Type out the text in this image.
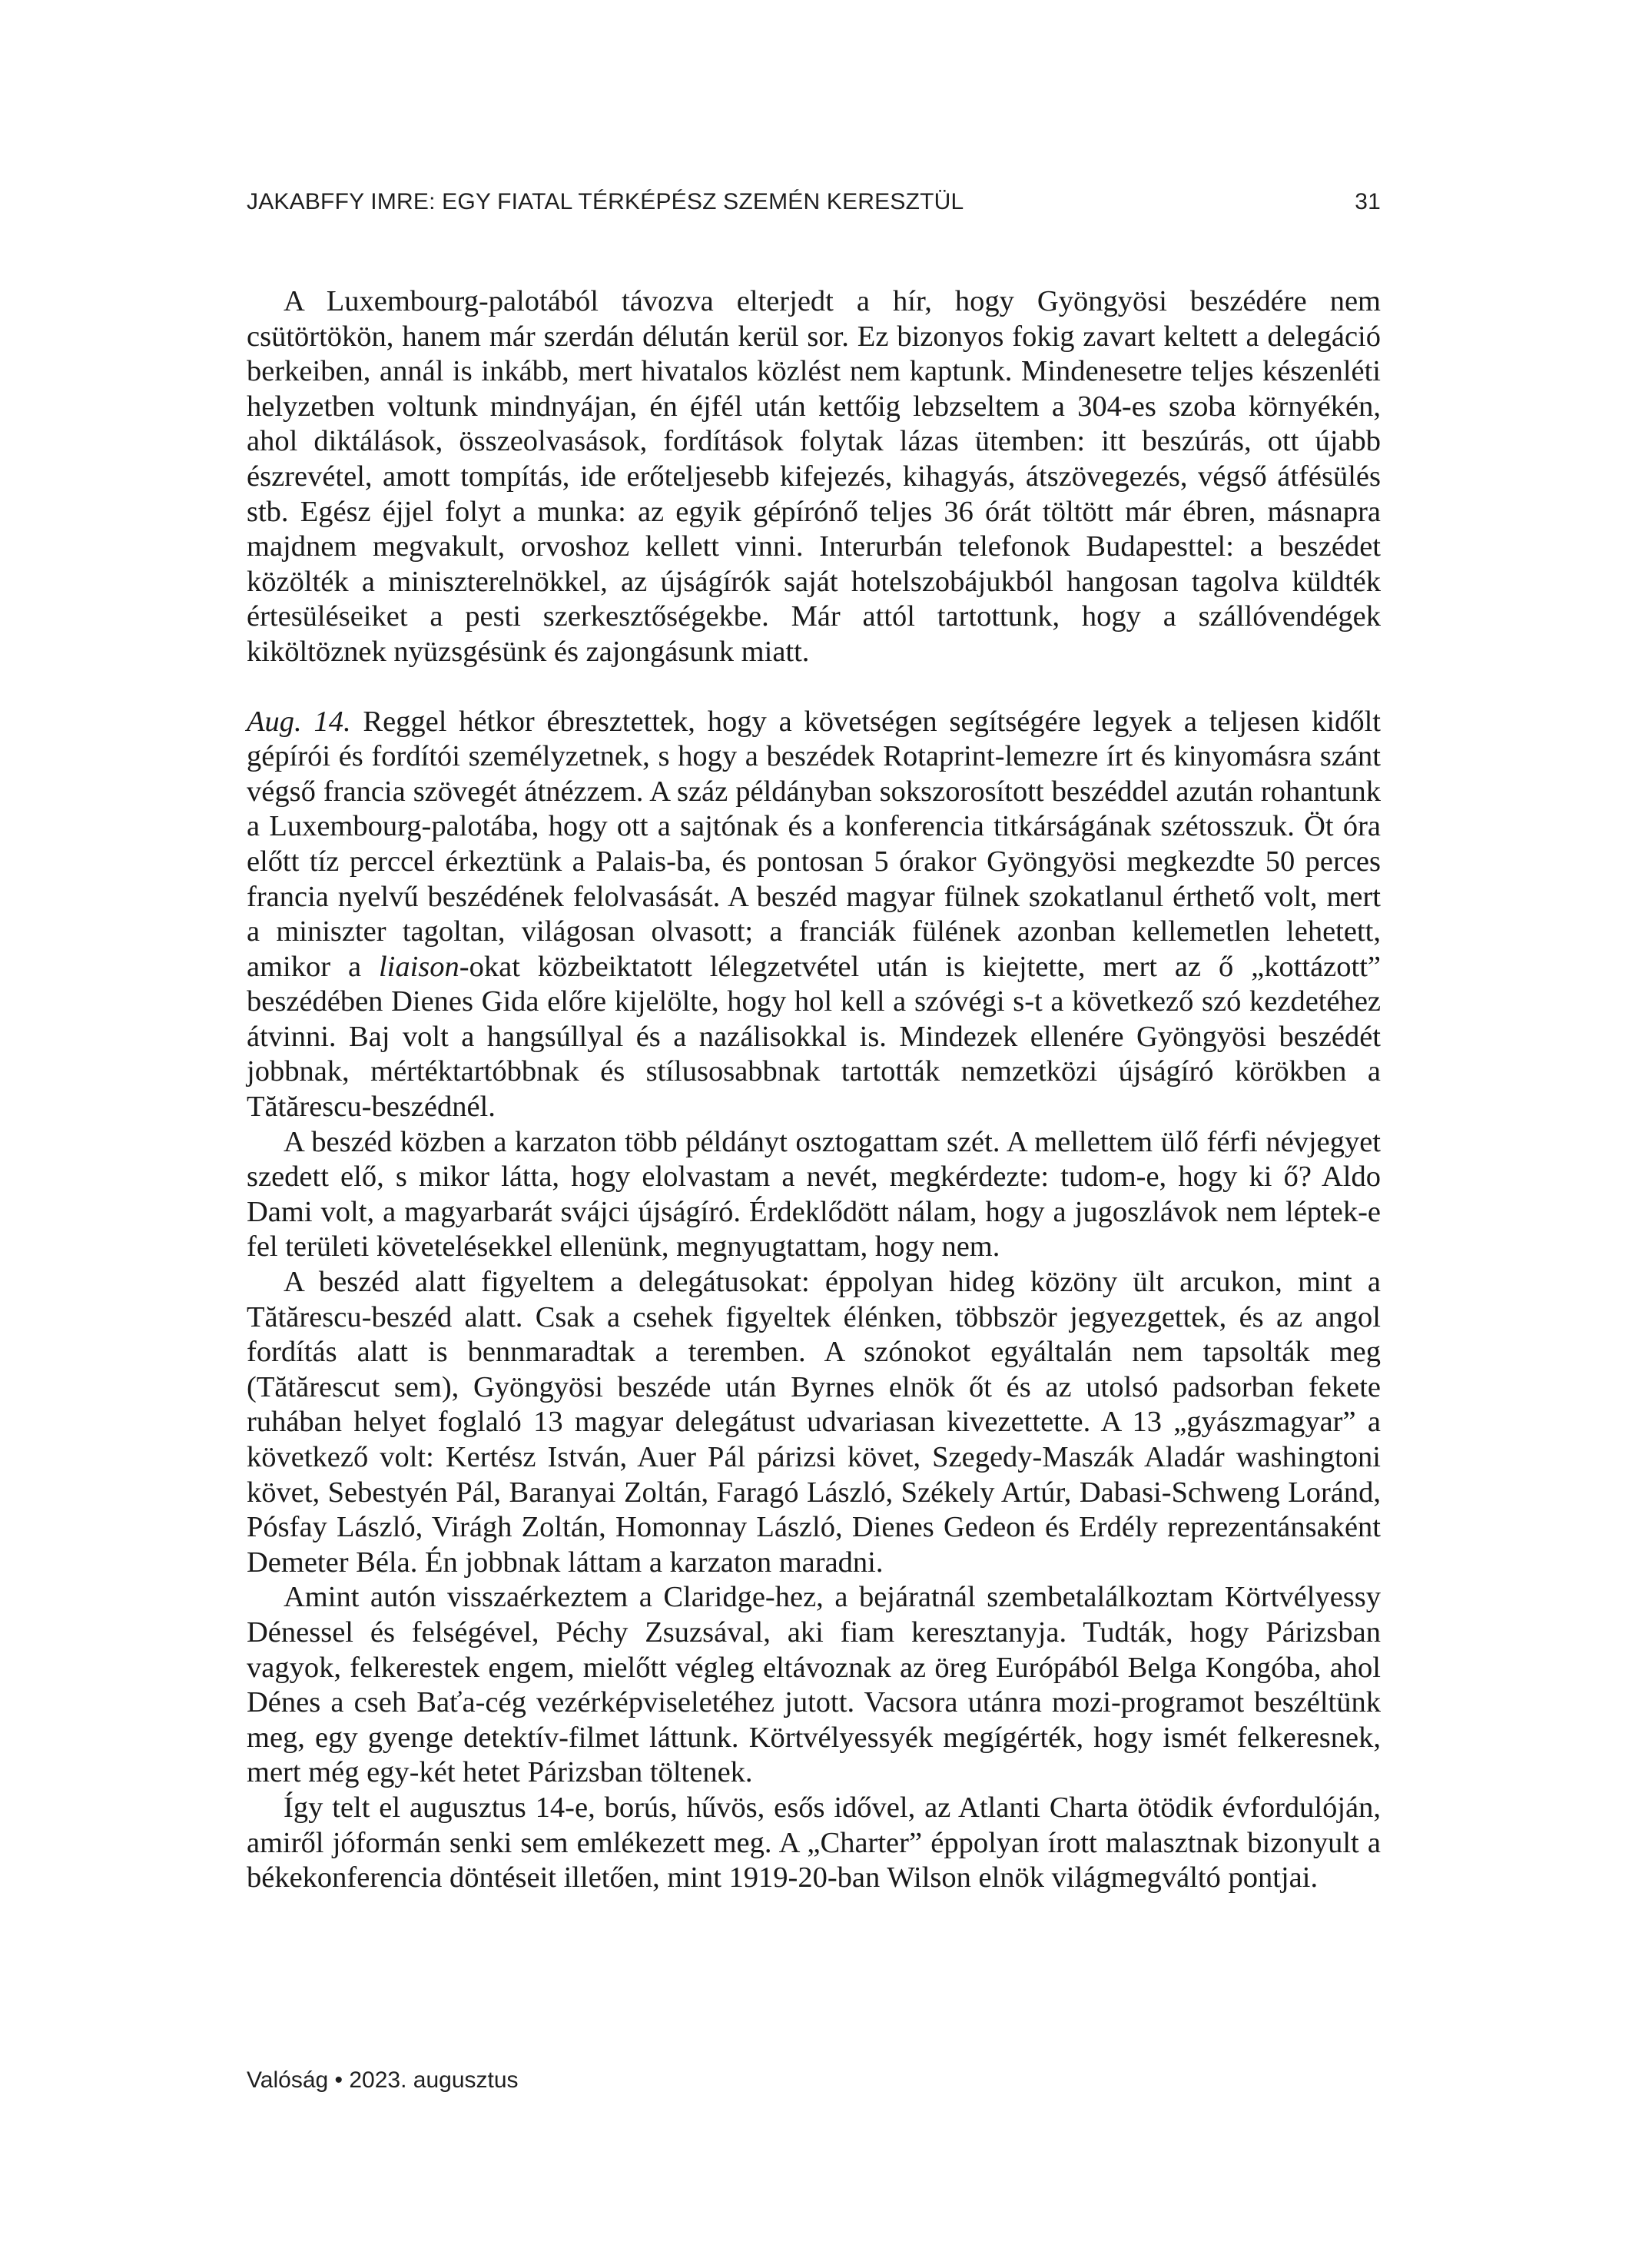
JAKABFFY IMRE: EGY FIATAL TÉRKÉPÉSZ SZEMÉN KERESZTÜL	31

A Luxembourg-palotából távozva elterjedt a hír, hogy Gyöngyösi beszédére nem csütörtökön, hanem már szerdán délután kerül sor. Ez bizonyos fokig zavart keltett a delegáció berkeiben, annál is inkább, mert hivatalos közlést nem kaptunk. Mindenesetre teljes készenléti helyzetben voltunk mindnyájan, én éjfél után kettőig lebzseltem a 304-es szoba környékén, ahol diktálások, összeolvasások, fordítások folytak lázas ütemben: itt beszúrás, ott újabb észrevétel, amott tompítás, ide erőteljesebb kifejezés, kihagyás, átszövegezés, végső átfésülés stb. Egész éjjel folyt a munka: az egyik gépírónő teljes 36 órát töltött már ébren, másnapra majdnem megvakult, orvoshoz kellett vinni. Interurbán telefonok Budapesttel: a beszédet közölték a miniszterelnökkel, az újságírók saját hotelszobájukból hangosan tagolva küldték értesüléseiket a pesti szerkesztőségekbe. Már attól tartottunk, hogy a szállóvendégek kiköltöznek nyüzsgésünk és zajongásunk miatt.

Aug. 14. Reggel hétkor ébresztettek, hogy a követségen segítségére legyek a teljesen kidőlt gépírói és fordítói személyzetnek, s hogy a beszédek Rotaprint-lemezre írt és kinyomásra szánt végső francia szövegét átnézzem. A száz példányban sokszorosított beszéddel azután rohantunk a Luxembourg-palotába, hogy ott a sajtónak és a konferencia titkárságának szétosszuk. Öt óra előtt tíz perccel érkeztünk a Palais-ba, és pontosan 5 órakor Gyöngyösi megkezdte 50 perces francia nyelvű beszédének felolvasását. A beszéd magyar fülnek szokatlanul érthető volt, mert a miniszter tagoltan, világosan olvasott; a franciák fülének azonban kellemetlen lehetett, amikor a liaison-okat közbeiktatott lélegzetvétel után is kiejtette, mert az ő „kottázott” beszédében Dienes Gida előre kijelölte, hogy hol kell a szóvégi s-t a következő szó kezdetéhez átvinni. Baj volt a hangsúllyal és a nazálisokkal is. Mindezek ellenére Gyöngyösi beszédét jobbnak, mértéktartóbbnak és stílusosabbnak tartották nemzetközi újságíró körökben a Tătărescu-beszédnél.

A beszéd közben a karzaton több példányt osztogattam szét. A mellettem ülő férfi névjegyet szedett elő, s mikor látta, hogy elolvastam a nevét, megkérdezte: tudom-e, hogy ki ő? Aldo Dami volt, a magyarbarát svájci újságíró. Érdeklődött nálam, hogy a jugoszlávok nem léptek-e fel területi követelésekkel ellenünk, megnyugtattam, hogy nem.

A beszéd alatt figyeltem a delegátusokat: éppolyan hideg közöny ült arcukon, mint a Tătărescu-beszéd alatt. Csak a csehek figyeltek élénken, többször jegyezgettek, és az angol fordítás alatt is bennmaradtak a teremben. A szónokot egyáltalán nem tapsolták meg (Tătărescut sem), Gyöngyösi beszéde után Byrnes elnök őt és az utolsó padsorban fekete ruhában helyet foglaló 13 magyar delegátust udvariasan kivezettette. A 13 „gyászmagyar” a következő volt: Kertész István, Auer Pál párizsi követ, Szegedy-Maszák Aladár washingtoni követ, Sebestyén Pál, Baranyai Zoltán, Faragó László, Székely Artúr, Dabasi-Schweng Loránd, Pósfay László, Virágh Zoltán, Homonnay László, Dienes Gedeon és Erdély reprezentánsaként Demeter Béla. Én jobbnak láttam a karzaton maradni.

Amint autón visszaérkeztem a Claridge-hez, a bejáratnál szembetalálkoztam Körtvélyessy Dénessel és felségével, Péchy Zsuzsával, aki fiam keresztanyja. Tudták, hogy Párizsban vagyok, felkerestek engem, mielőtt végleg eltávoznak az öreg Európából Belga Kongóba, ahol Dénes a cseh Baťa-cég vezérképviseletéhez jutott. Vacsora utánra mozi-programot beszéltünk meg, egy gyenge detektív-filmet láttunk. Körtvélyessyék megígérték, hogy ismét felkeresnek, mert még egy-két hetet Párizsban töltenek.

Így telt el augusztus 14-e, borús, hűvös, esős idővel, az Atlanti Charta ötödik évfordulóján, amiről jóformán senki sem emlékezett meg. A „Charter” éppolyan írott malasztnak bizonyult a békekonferencia döntéseit illetően, mint 1919-20-ban Wilson elnök világmegváltó pontjai.

Valóság • 2023. augusztus
